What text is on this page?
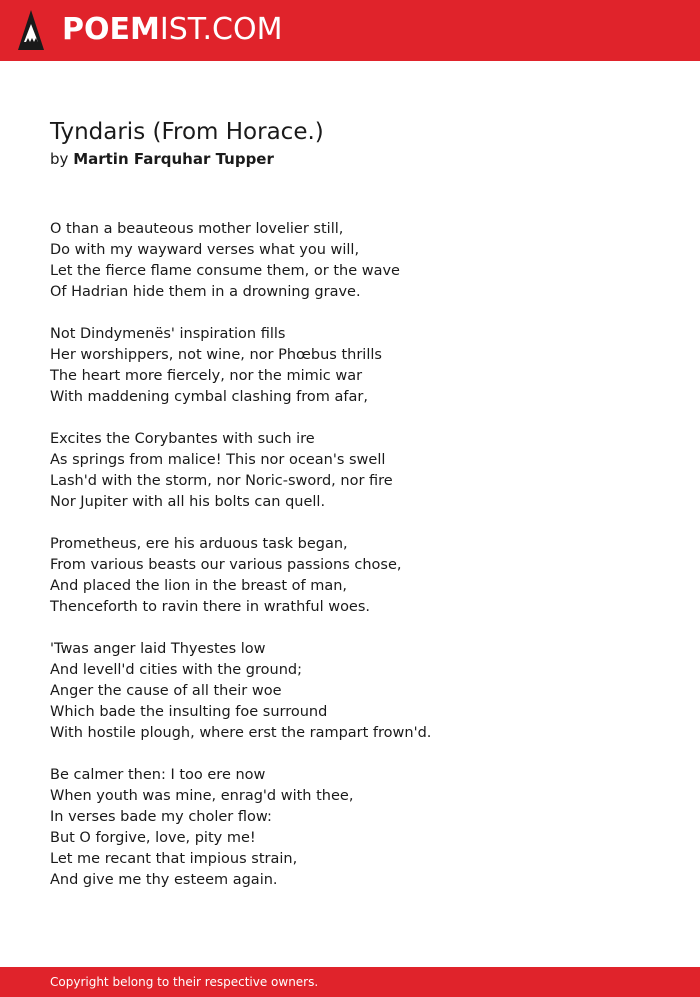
POEMIST.COM
Tyndaris (From Horace.)
by Martin Farquhar Tupper
O than a beauteous mother lovelier still,
Do with my wayward verses what you will,
Let the fierce flame consume them, or the wave
Of Hadrian hide them in a drowning grave.
Not Dindymenës' inspiration fills
Her worshippers, not wine, nor Phœbus thrills
The heart more fiercely, nor the mimic war
With maddening cymbal clashing from afar,
Excites the Corybantes with such ire
As springs from malice! This nor ocean's swell
Lash'd with the storm, nor Noric-sword, nor fire
Nor Jupiter with all his bolts can quell.
Prometheus, ere his arduous task began,
From various beasts our various passions chose,
And placed the lion in the breast of man,
Thenceforth to ravin there in wrathful woes.
'Twas anger laid Thyestes low
And levell'd cities with the ground;
Anger the cause of all their woe
Which bade the insulting foe surround
With hostile plough, where erst the rampart frown'd.
Be calmer then: I too ere now
When youth was mine, enrag'd with thee,
In verses bade my choler flow:
But O forgive, love, pity me!
Let me recant that impious strain,
And give me thy esteem again.
Copyright belong to their respective owners.
